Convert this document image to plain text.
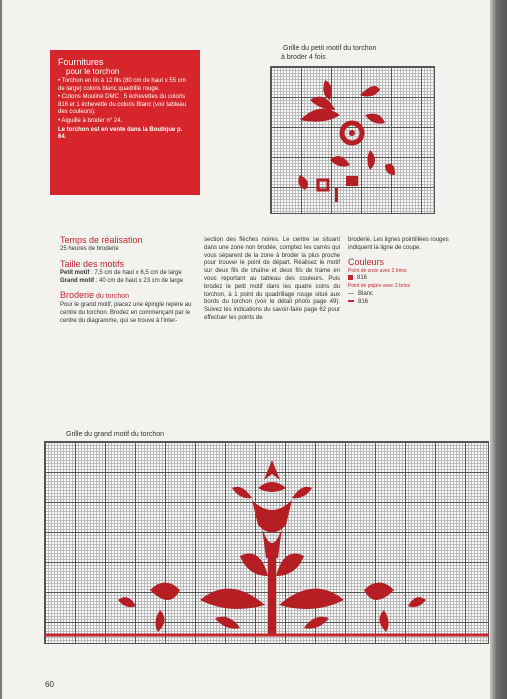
Fournitures
pour le torchon

• Torchon en lin à 12 fils (80 cm de haut x 55 cm de large) coloris blanc quadrillé rouge.

• Cotons Mouliné DMC : 5 échevettes du coloris 816 et 1 échevette du coloris Blanc (voir tableau des couleurs).

• Aiguille à broder n° 24.

Le torchon est en vente dans la Boutique p. 64.

Grille du petit motif du torchon
à broder 4 fois
Temps de réalisation
25 heures de broderie
Taille des motifs
Petit motif : 7,5 cm de haut x 6,5 cm de large
Grand motif : 40 cm de haut x 23 cm de large
Broderie du torchon
Pour le grand motif, placez une épingle repère au centre du torchon. Brodez en commençant par le centre du diagramme, qui se trouve à l'inter-
section des flèches noires. Le centre se situant dans une zone non brodée, comptez les carrés qui vous séparent de la zone à broder la plus proche pour trouver le point de départ. Réalisez le motif sur deux fils de chaîne et deux fils de trame en vous reportant au tableau des couleurs. Puis brodez le petit motif dans les quatre coins du torchon, à 1 point du quadrillage rouge situé aux bords du torchon (voir le détail photo page 49). Suivez les indications du savoir-faire page 62 pour effectuer les points de
broderie. Les lignes pointillées rouges indiquent la ligne de coupe.
Couleurs
Point de croix avec 2 brins
816
Point de piqûre avec 2 brins
Blanc
816
Grille du grand motif du torchon
60
